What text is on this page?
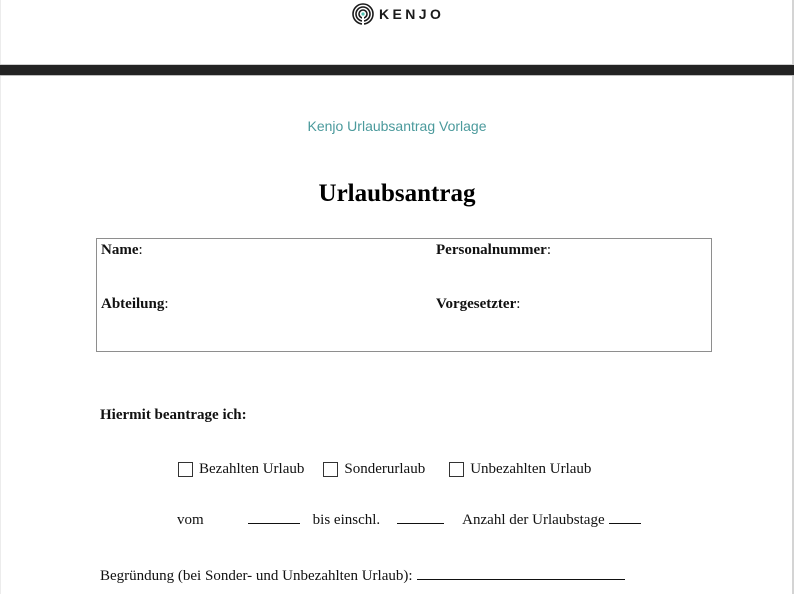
KENJO
Kenjo Urlaubsantrag Vorlage
Urlaubsantrag
Name:	Personalnummer:
Abteilung:	Vorgesetzter:
Hiermit beantrage ich:
Bezahlten Urlaub	Sonderurlaub	Unbezahlten Urlaub
vom	bis einschl.	Anzahl der Urlaubstage
Begründung (bei Sonder- und Unbezahlten Urlaub):
